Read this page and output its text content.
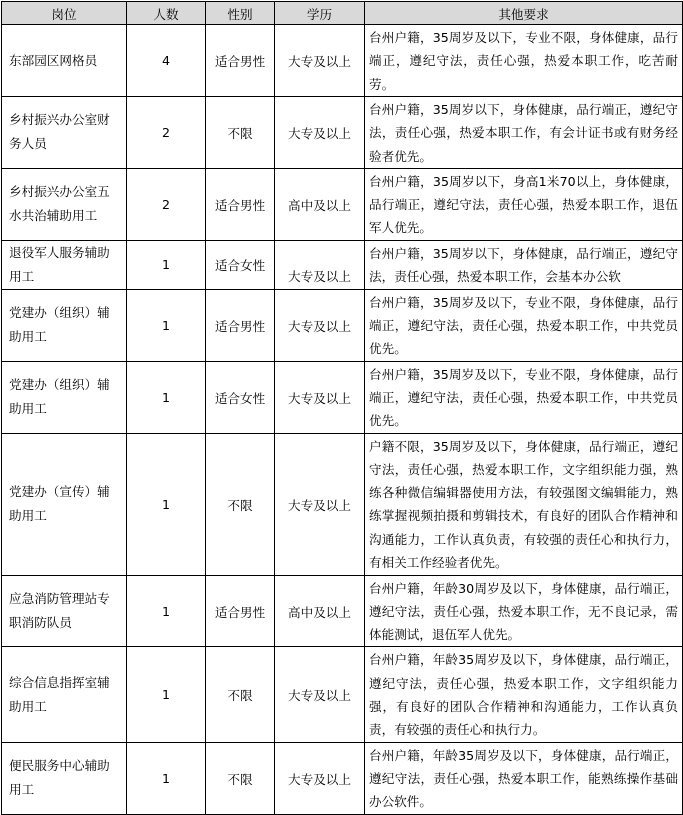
岗位	人数	性别	学历	其他要求
东部园区网格员	4	适合男性	大专及以上	台州户籍，35周岁及以下，专业不限，身体健康，品行端正，遵纪守法，责任心强，热爱本职工作，吃苦耐劳。
乡村振兴办公室财务人员	2	不限	大专及以上	台州户籍，35周岁以下，身体健康，品行端正，遵纪守法，责任心强，热爱本职工作，有会计证书或有财务经验者优先。
乡村振兴办公室五水共治辅助用工	2	适合男性	高中及以上	台州户籍，35周岁以下，身高1米70以上，身体健康，品行端正，遵纪守法，责任心强，热爱本职工作，退伍军人优先。
退役军人服务辅助用工	1	适合女性	大专及以上	台州户籍，35周岁以下，身体健康，品行端正，遵纪守法，责任心强，热爱本职工作，会基本办公软
党建办（组织）辅助用工	1	适合男性	大专及以上	台州户籍，35周岁及以下，专业不限，身体健康，品行端正，遵纪守法，责任心强，热爱本职工作，中共党员优先。
党建办（组织）辅助用工	1	适合女性	大专及以上	台州户籍，35周岁及以下，专业不限，身体健康，品行端正，遵纪守法，责任心强，热爱本职工作，中共党员优先。
党建办（宣传）辅助用工	1	不限	大专及以上	户籍不限，35周岁及以下，身体健康，品行端正，遵纪守法，责任心强，热爱本职工作，文字组织能力强，熟练各种微信编辑器使用方法，有较强图文编辑能力，熟练掌握视频拍摄和剪辑技术，有良好的团队合作精神和沟通能力，工作认真负责，有较强的责任心和执行力，有相关工作经验者优先。
应急消防管理站专职消防队员	1	适合男性	高中及以上	台州户籍，年龄30周岁及以下，身体健康，品行端正，遵纪守法，责任心强，热爱本职工作，无不良记录，需体能测试，退伍军人优先。
综合信息指挥室辅助用工	1	不限	大专及以上	台州户籍，年龄35周岁及以下，身体健康，品行端正，遵纪守法，责任心强，热爱本职工作，文字组织能力强，有良好的团队合作精神和沟通能力，工作认真负责，有较强的责任心和执行力。
便民服务中心辅助用工	1	不限	大专及以上	台州户籍，年龄35周岁及以下，身体健康，品行端正，遵纪守法，责任心强，热爱本职工作，能熟练操作基础办公软件。
